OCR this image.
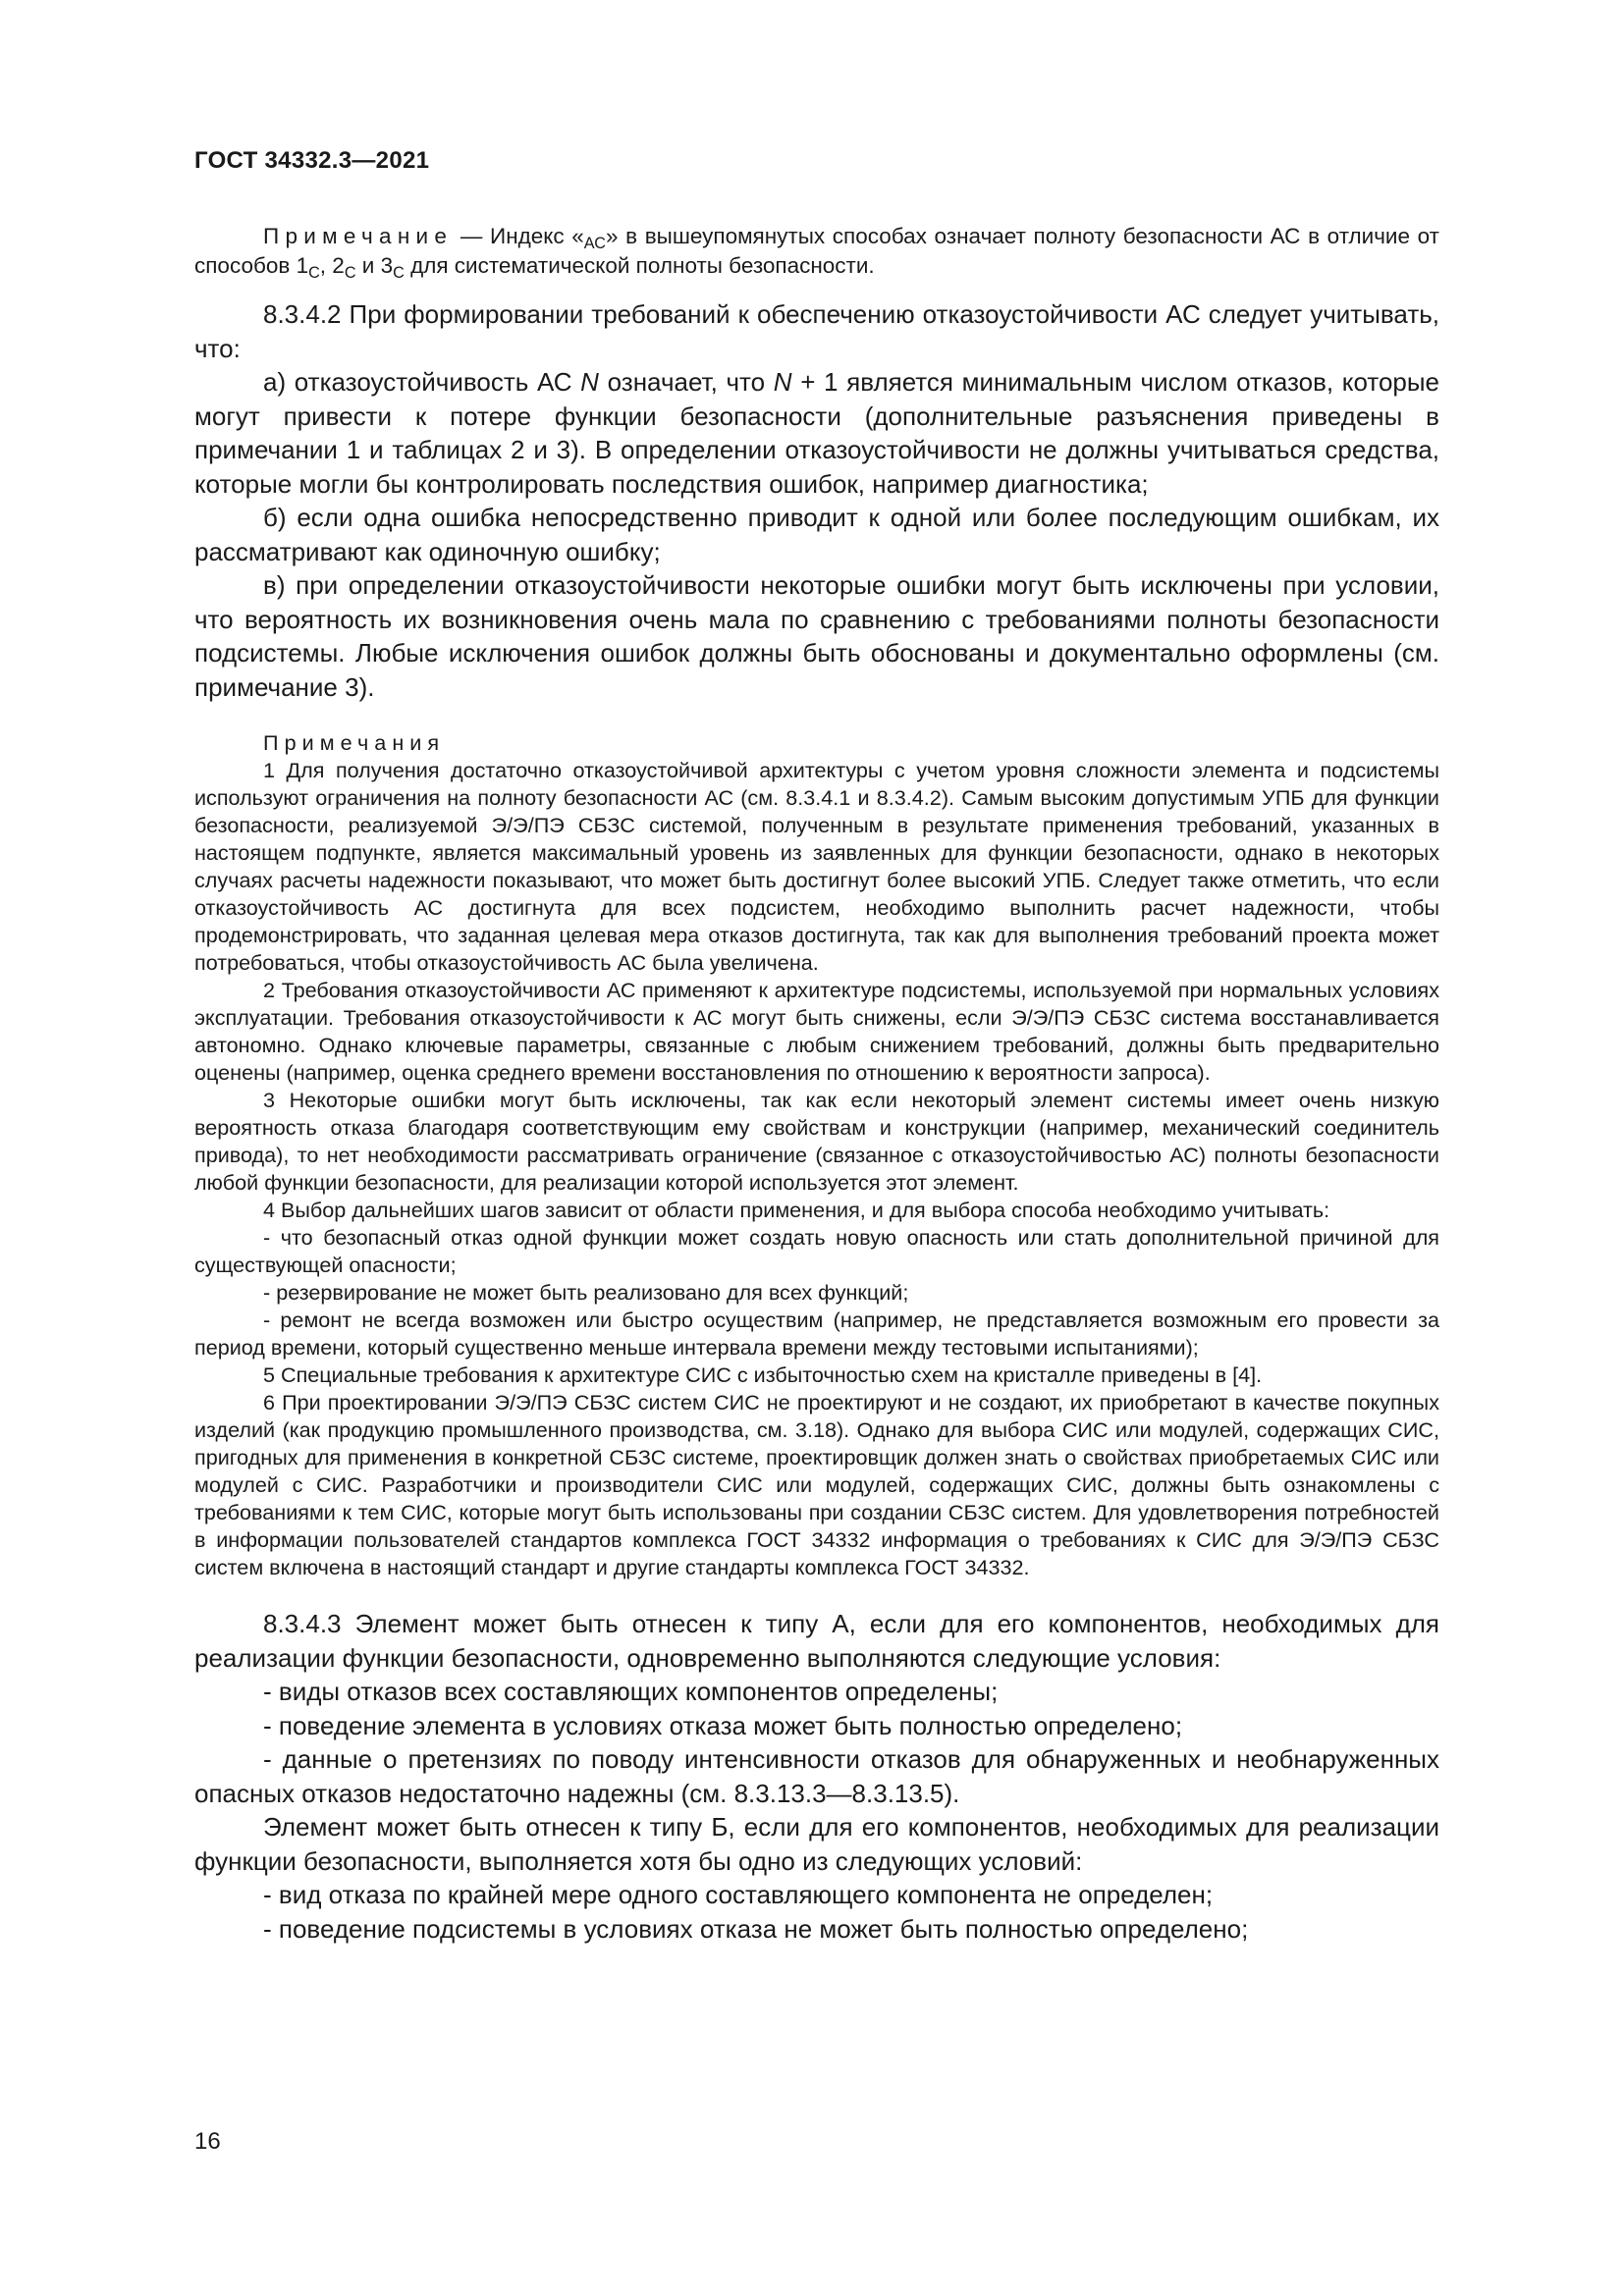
ГОСТ 34332.3—2021

Примечание — Индекс «$_{АС}$» в вышеупомянутых способах означает полноту безопасности АС в отличие от способов $1_С$, $2_С$ и $3_С$ для систематической полноты безопасности.

8.3.4.2 При формировании требований к обеспечению отказоустойчивости АС следует учитывать, что:

а) отказоустойчивость АС N означает, что N + 1 является минимальным числом отказов, которые могут привести к потере функции безопасности (дополнительные разъяснения приведены в примечании 1 и таблицах 2 и 3). В определении отказоустойчивости не должны учитываться средства, которые могли бы контролировать последствия ошибок, например диагностика;

б) если одна ошибка непосредственно приводит к одной или более последующим ошибкам, их рассматривают как одиночную ошибку;

в) при определении отказоустойчивости некоторые ошибки могут быть исключены при условии, что вероятность их возникновения очень мала по сравнению с требованиями полноты безопасности подсистемы. Любые исключения ошибок должны быть обоснованы и документально оформлены (см. примечание 3).

Примечания

1 Для получения достаточно отказоустойчивой архитектуры с учетом уровня сложности элемента и подсистемы используют ограничения на полноту безопасности АС (см. 8.3.4.1 и 8.3.4.2). Самым высоким допустимым УПБ для функции безопасности, реализуемой Э/Э/ПЭ СБЗС системой, полученным в результате применения требований, указанных в настоящем подпункте, является максимальный уровень из заявленных для функции безопасности, однако в некоторых случаях расчеты надежности показывают, что может быть достигнут более высокий УПБ. Следует также отметить, что если отказоустойчивость АС достигнута для всех подсистем, необходимо выполнить расчет надежности, чтобы продемонстрировать, что заданная целевая мера отказов достигнута, так как для выполнения требований проекта может потребоваться, чтобы отказоустойчивость АС была увеличена.

2 Требования отказоустойчивости АС применяют к архитектуре подсистемы, используемой при нормальных условиях эксплуатации. Требования отказоустойчивости к АС могут быть снижены, если Э/Э/ПЭ СБЗС система восстанавливается автономно. Однако ключевые параметры, связанные с любым снижением требований, должны быть предварительно оценены (например, оценка среднего времени восстановления по отношению к вероятности запроса).

3 Некоторые ошибки могут быть исключены, так как если некоторый элемент системы имеет очень низкую вероятность отказа благодаря соответствующим ему свойствам и конструкции (например, механический соединитель привода), то нет необходимости рассматривать ограничение (связанное с отказоустойчивостью АС) полноты безопасности любой функции безопасности, для реализации которой используется этот элемент.

4 Выбор дальнейших шагов зависит от области применения, и для выбора способа необходимо учитывать:

- что безопасный отказ одной функции может создать новую опасность или стать дополнительной причиной для существующей опасности;

- резервирование не может быть реализовано для всех функций;

- ремонт не всегда возможен или быстро осуществим (например, не представляется возможным его провести за период времени, который существенно меньше интервала времени между тестовыми испытаниями);

5 Специальные требования к архитектуре СИС с избыточностью схем на кристалле приведены в [4].

6 При проектировании Э/Э/ПЭ СБЗС систем СИС не проектируют и не создают, их приобретают в качестве покупных изделий (как продукцию промышленного производства, см. 3.18). Однако для выбора СИС или модулей, содержащих СИС, пригодных для применения в конкретной СБЗС системе, проектировщик должен знать о свойствах приобретаемых СИС или модулей с СИС. Разработчики и производители СИС или модулей, содержащих СИС, должны быть ознакомлены с требованиями к тем СИС, которые могут быть использованы при создании СБЗС систем. Для удовлетворения потребностей в информации пользователей стандартов комплекса ГОСТ 34332 информация о требованиях к СИС для Э/Э/ПЭ СБЗС систем включена в настоящий стандарт и другие стандарты комплекса ГОСТ 34332.

8.3.4.3 Элемент может быть отнесен к типу А, если для его компонентов, необходимых для реализации функции безопасности, одновременно выполняются следующие условия:

- виды отказов всех составляющих компонентов определены;

- поведение элемента в условиях отказа может быть полностью определено;

- данные о претензиях по поводу интенсивности отказов для обнаруженных и необнаруженных опасных отказов недостаточно надежны (см. 8.3.13.3—8.3.13.5).

Элемент может быть отнесен к типу Б, если для его компонентов, необходимых для реализации функции безопасности, выполняется хотя бы одно из следующих условий:

- вид отказа по крайней мере одного составляющего компонента не определен;

- поведение подсистемы в условиях отказа не может быть полностью определено;

16
